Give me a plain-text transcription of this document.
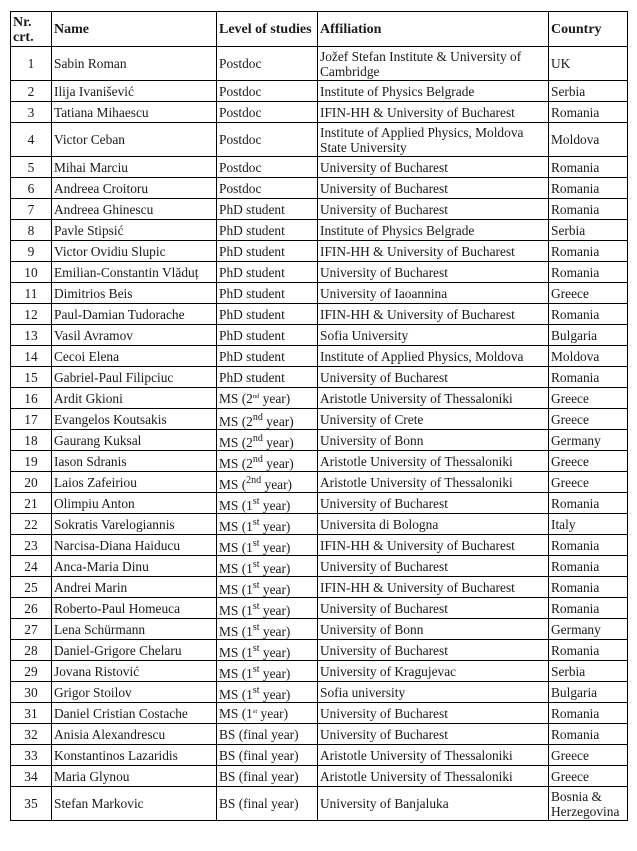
Nr. crt.	Name	Level of studies	Affiliation	Country
1	Sabin Roman	Postdoc	Jožef Stefan Institute & University of Cambridge	UK
2	Ilija Ivanišević	Postdoc	Institute of Physics Belgrade	Serbia
3	Tatiana Mihaescu	Postdoc	IFIN-HH & University of Bucharest	Romania
4	Victor Ceban	Postdoc	Institute of Applied Physics, Moldova State University	Moldova
5	Mihai Marciu	Postdoc	University of Bucharest	Romania
6	Andreea Croitoru	Postdoc	University of Bucharest	Romania
7	Andreea Ghinescu	PhD student	University of Bucharest	Romania
8	Pavle Stipsić	PhD student	Institute of Physics Belgrade	Serbia
9	Victor Ovidiu Slupic	PhD student	IFIN-HH & University of Bucharest	Romania
10	Emilian-Constantin Vlăduț	PhD student	University of Bucharest	Romania
11	Dimitrios Beis	PhD student	University of Iaoannina	Greece
12	Paul-Damian Tudorache	PhD student	IFIN-HH & University of Bucharest	Romania
13	Vasil Avramov	PhD student	Sofia University	Bulgaria
14	Cecoi Elena	PhD student	Institute of Applied Physics, Moldova	Moldova
15	Gabriel-Paul Filipciuc	PhD student	University of Bucharest	Romania
16	Ardit Gkioni	MS (2nd year)	Aristotle University of Thessaloniki	Greece
17	Evangelos Koutsakis	MS (2nd year)	University of Crete	Greece
18	Gaurang Kuksal	MS (2nd year)	University of Bonn	Germany
19	Iason Sdranis	MS (2nd year)	Aristotle University of Thessaloniki	Greece
20	Laios Zafeiriou	MS ($^{2nd}$ year)	Aristotle University of Thessaloniki	Greece
21	Olimpiu Anton	MS (1st year)	University of Bucharest	Romania
22	Sokratis Varelogiannis	MS (1st year)	Universita di Bologna	Italy
23	Narcisa-Diana Haiducu	MS (1st year)	IFIN-HH & University of Bucharest	Romania
24	Anca-Maria Dinu	MS (1st year)	University of Bucharest	Romania
25	Andrei Marin	MS (1st year)	IFIN-HH & University of Bucharest	Romania
26	Roberto-Paul Homeuca	MS (1st year)	University of Bucharest	Romania
27	Lena Schürmann	MS (1st year)	University of Bonn	Germany
28	Daniel-Grigore Chelaru	MS (1st year)	University of Bucharest	Romania
29	Jovana Ristović	MS (1st year)	University of Kragujevac	Serbia
30	Grigor Stoilov	MS (1st year)	Sofia university	Bulgaria
31	Daniel Cristian Costache	MS (1st year)	University of Bucharest	Romania
32	Anisia Alexandrescu	BS (final year)	University of Bucharest	Romania
33	Konstantinos Lazaridis	BS (final year)	Aristotle University of Thessaloniki	Greece
34	Maria Glynou	BS (final year)	Aristotle University of Thessaloniki	Greece
35	Stefan Markovic	BS (final year)	University of Banjaluka	Bosnia & Herzegovina
